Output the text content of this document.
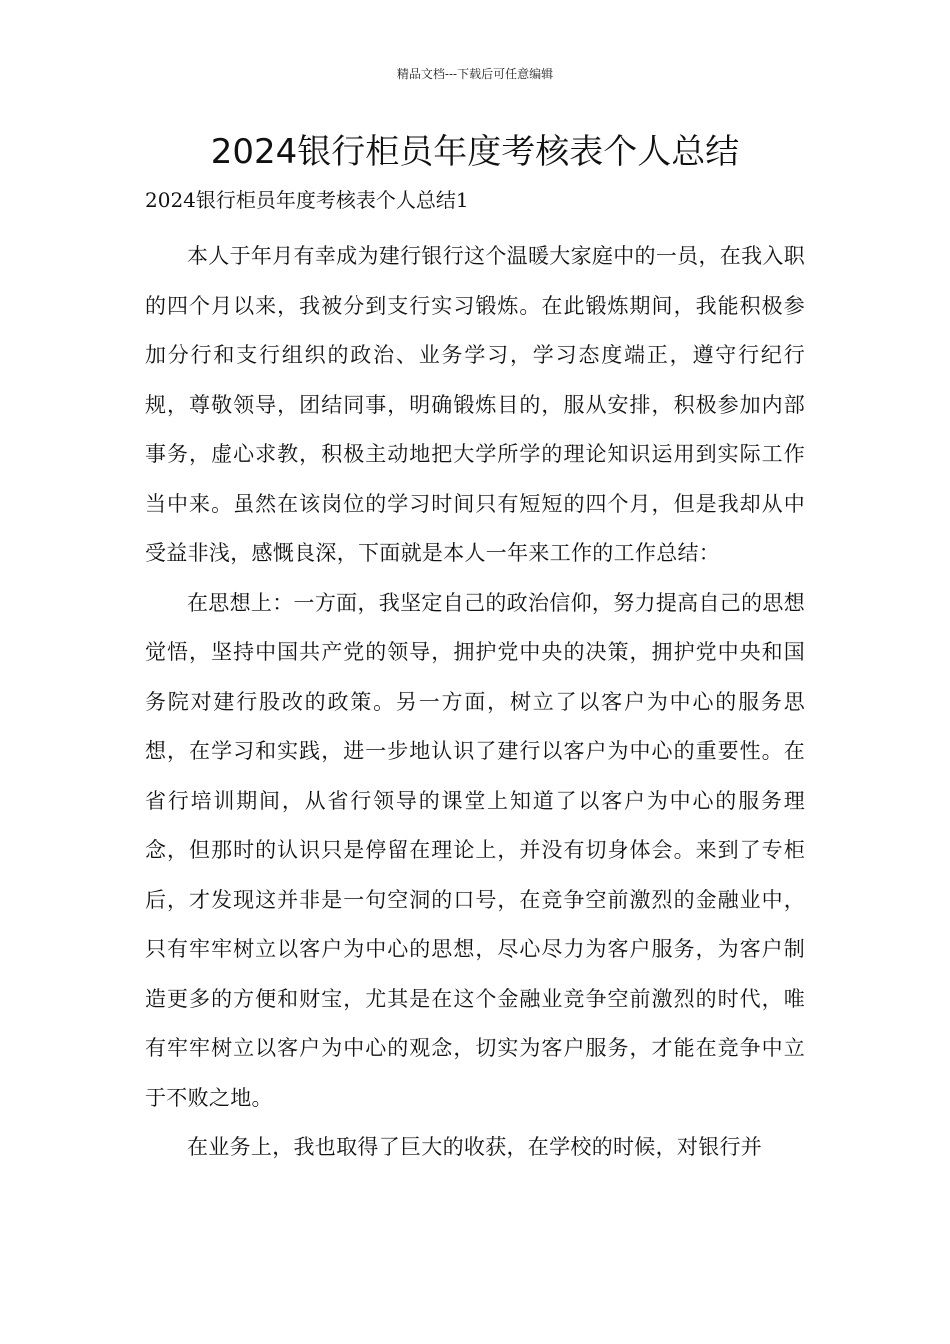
精品文档---下载后可任意编辑
2024银行柜员年度考核表个人总结

2024银行柜员年度考核表个人总结1

本人于年月有幸成为建行银行这个温暖大家庭中的一员，在我入职的四个月以来，我被分到支行实习锻炼。在此锻炼期间，我能积极参加分行和支行组织的政治、业务学习，学习态度端正，遵守行纪行规，尊敬领导，团结同事，明确锻炼目的，服从安排，积极参加内部事务，虚心求教，积极主动地把大学所学的理论知识运用到实际工作当中来。虽然在该岗位的学习时间只有短短的四个月，但是我却从中受益非浅，感慨良深，下面就是本人一年来工作的工作总结：

在思想上：一方面，我坚定自己的政治信仰，努力提高自己的思想觉悟，坚持中国共产党的领导，拥护党中央的决策，拥护党中央和国务院对建行股改的政策。另一方面，树立了以客户为中心的服务思想，在学习和实践，进一步地认识了建行以客户为中心的重要性。在省行培训期间，从省行领导的课堂上知道了以客户为中心的服务理念，但那时的认识只是停留在理论上，并没有切身体会。来到了专柜后，才发现这并非是一句空洞的口号，在竞争空前激烈的金融业中，只有牢牢树立以客户为中心的思想，尽心尽力为客户服务，为客户制造更多的方便和财宝，尤其是在这个金融业竞争空前激烈的时代，唯有牢牢树立以客户为中心的观念，切实为客户服务，才能在竞争中立于不败之地。

在业务上，我也取得了巨大的收获，在学校的时候，对银行并
